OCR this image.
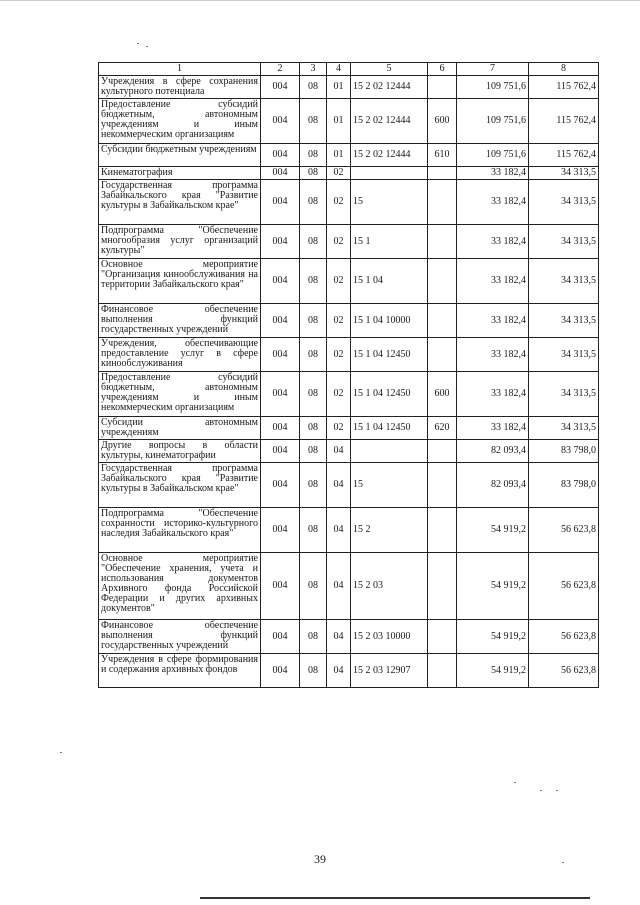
1	2	3	4	5	6	7	8
Учреждения в сфере сохранения культурного потенциала	004	08	01	15 2 02 12444		109 751,6	115 762,4
Предоставление субсидий бюджетным, автономным учреждениям и иным некоммерческим организациям	004	08	01	15 2 02 12444	600	109 751,6	115 762,4
Субсидии бюджетным учреждениям	004	08	01	15 2 02 12444	610	109 751,6	115 762,4
Кинематография	004	08	02			33 182,4	34 313,5
Государственная программа Забайкальского края "Развитие культуры в Забайкальском крае"	004	08	02	15		33 182,4	34 313,5
Подпрограмма "Обеспечение многообразия услуг организаций культуры"	004	08	02	15 1		33 182,4	34 313,5
Основное мероприятие "Организация кинообслуживания на территории Забайкальского края"	004	08	02	15 1 04		33 182,4	34 313,5
Финансовое обеспечение выполнения функций государственных учреждений	004	08	02	15 1 04 10000		33 182,4	34 313,5
Учреждения, обеспечивающие предоставление услуг в сфере кинообслуживания	004	08	02	15 1 04 12450		33 182,4	34 313,5
Предоставление субсидий бюджетным, автономным учреждениям и иным некоммерческим организациям	004	08	02	15 1 04 12450	600	33 182,4	34 313,5
Субсидии автономным учреждениям	004	08	02	15 1 04 12450	620	33 182,4	34 313,5
Другие вопросы в области культуры, кинематографии	004	08	04			82 093,4	83 798,0
Государственная программа Забайкальского края "Развитие культуры в Забайкальском крае"	004	08	04	15		82 093,4	83 798,0
Подпрограмма "Обеспечение сохранности историко-культурного наследия Забайкальского края"	004	08	04	15 2		54 919,2	56 623,8
Основное мероприятие "Обеспечение хранения, учета и использования документов Архивного фонда Российской Федерации и других архивных документов"	004	08	04	15 2 03		54 919,2	56 623,8
Финансовое обеспечение выполнения функций государственных учреждений	004	08	04	15 2 03 10000		54 919,2	56 623,8
Учреждения в сфере формирования и содержания архивных фондов	004	08	04	15 2 03 12907		54 919,2	56 623,8
39
